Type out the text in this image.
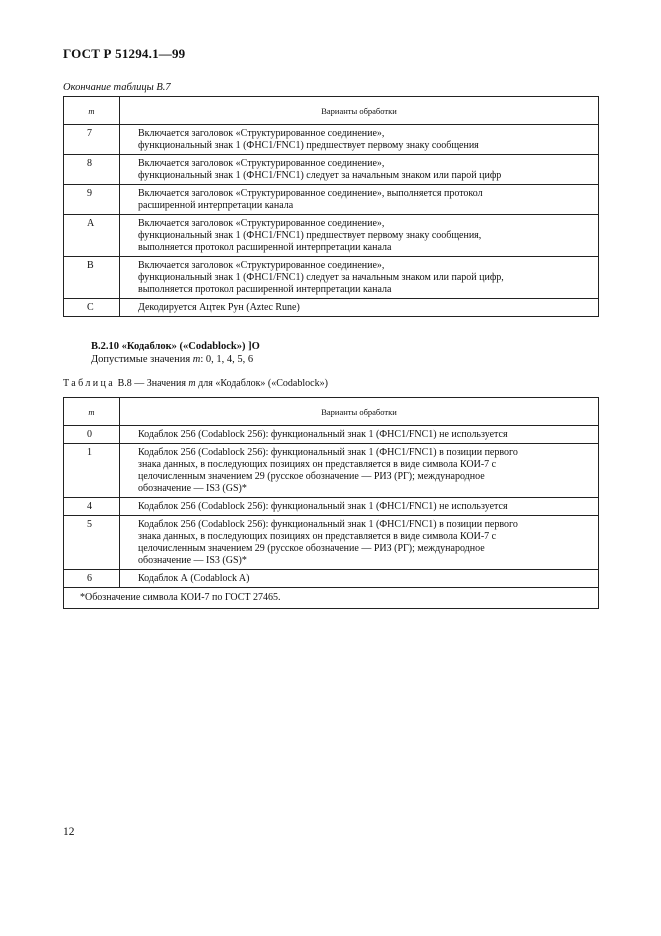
ГОСТ Р 51294.1—99
Окончание таблицы В.7
m	Варианты обработки
7	Включается заголовок «Структурированное соединение»,
функциональный знак 1 (ФНС1/FNC1) предшествует первому знаку сообщения

8	Включается заголовок «Структурированное соединение»,
функциональный знак 1 (ФНС1/FNC1) следует за начальным знаком или парой цифр

9	Включается заголовок «Структурированное соединение», выполняется протокол
расширенной интерпретации канала

A	Включается заголовок «Структурированное соединение»,
функциональный знак 1 (ФНС1/FNC1) предшествует первому знаку сообщения,
выполняется протокол расширенной интерпретации канала

B	Включается заголовок «Структурированное соединение»,
функциональный знак 1 (ФНС1/FNC1) следует за начальным знаком или парой цифр,
выполняется протокол расширенной интерпретации канала

C	Декодируется Ацтек Рун (Aztec Rune)
В.2.10 «Кодаблок» («Codablock») ]О
Допустимые значения m: 0, 1, 4, 5, 6
Таблица В.8 — Значения m для «Кодаблок» («Codablock»)
m	Варианты обработки
0	Кодаблок 256 (Codablock 256): функциональный знак 1 (ФНС1/FNC1) не используется

1	Кодаблок 256 (Codablock 256): функциональный знак 1 (ФНС1/FNC1) в позиции первого
знака данных, в последующих позициях он представляется в виде символа КОИ-7 с
целочисленным значением 29 (русское обозначение — РИЗ (РГ); международное
обозначение — IS3 (GS)*

4	Кодаблок 256 (Codablock 256): функциональный знак 1 (ФНС1/FNC1) не используется

5	Кодаблок 256 (Codablock 256): функциональный знак 1 (ФНС1/FNC1) в позиции первого
знака данных, в последующих позициях он представляется в виде символа КОИ-7 с
целочисленным значением 29 (русское обозначение — РИЗ (РГ); международное
обозначение — IS3 (GS)*

6	Кодаблок А (Codablock A)

*Обозначение символа КОИ-7 по ГОСТ 27465.	
12
